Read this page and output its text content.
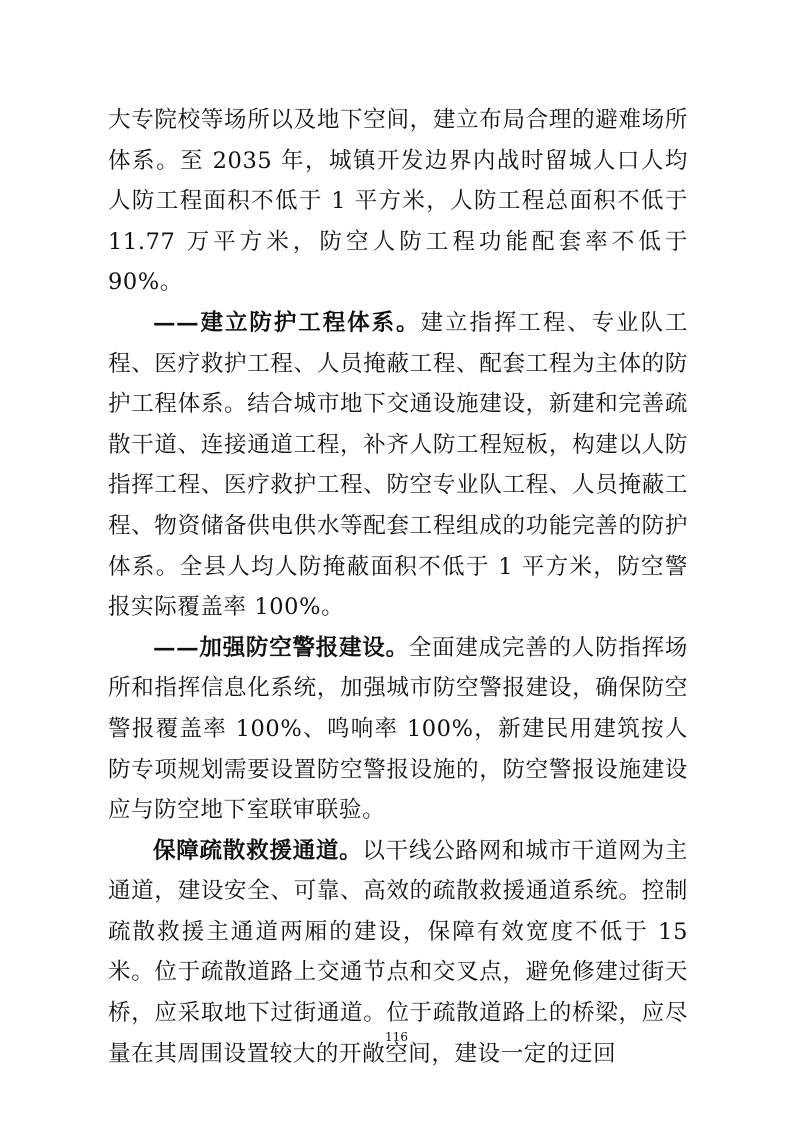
大专院校等场所以及地下空间，建立布局合理的避难场所体系。至 2035 年，城镇开发边界内战时留城人口人均人防工程面积不低于 1 平方米，人防工程总面积不低于 11.77 万平方米，防空人防工程功能配套率不低于 90%。

——建立防护工程体系。建立指挥工程、专业队工程、医疗救护工程、人员掩蔽工程、配套工程为主体的防护工程体系。结合城市地下交通设施建设，新建和完善疏散干道、连接通道工程，补齐人防工程短板，构建以人防指挥工程、医疗救护工程、防空专业队工程、人员掩蔽工程、物资储备供电供水等配套工程组成的功能完善的防护体系。全县人均人防掩蔽面积不低于 1 平方米，防空警报实际覆盖率 100%。

——加强防空警报建设。全面建成完善的人防指挥场所和指挥信息化系统，加强城市防空警报建设，确保防空警报覆盖率 100%、鸣响率 100%，新建民用建筑按人防专项规划需要设置防空警报设施的，防空警报设施建设应与防空地下室联审联验。

保障疏散救援通道。以干线公路网和城市干道网为主通道，建设安全、可靠、高效的疏散救援通道系统。控制疏散救援主通道两厢的建设，保障有效宽度不低于 15 米。位于疏散道路上交通节点和交叉点，避免修建过街天桥，应采取地下过街通道。位于疏散道路上的桥梁，应尽量在其周围设置较大的开敞空间，建设一定的迂回

116
